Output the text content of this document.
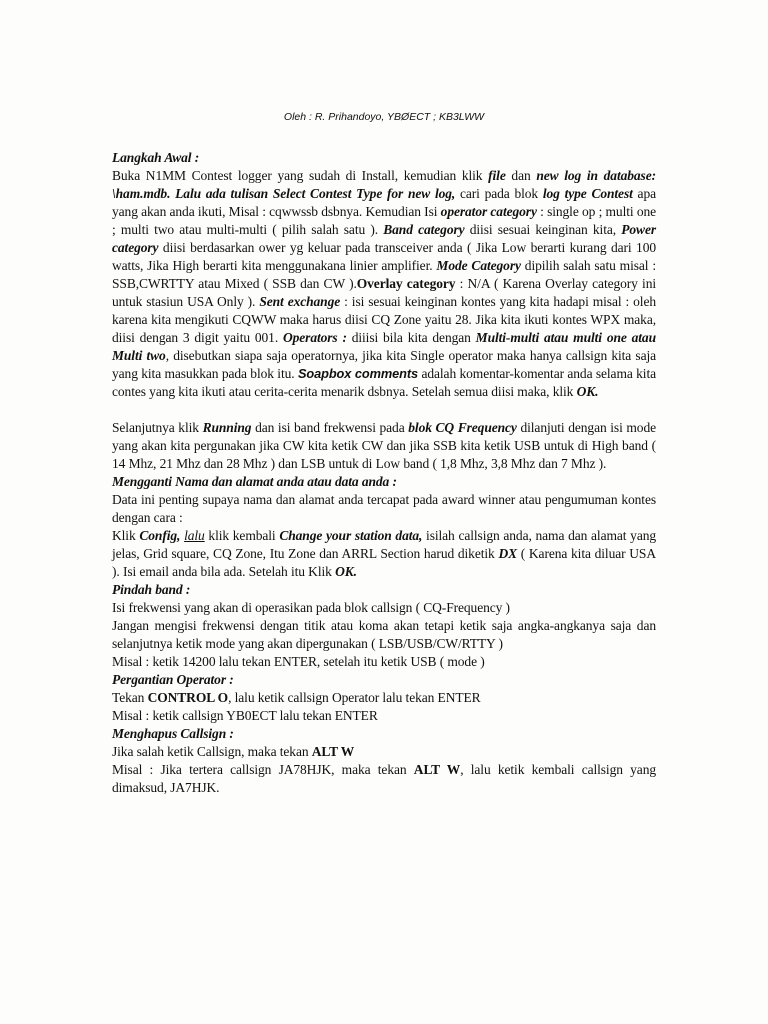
Oleh : R. Prihandoyo, YBØECT ; KB3LWW
Langkah Awal :

Buka N1MM Contest logger yang sudah di Install, kemudian klik file dan new log in database: \ham.mdb. Lalu ada tulisan Select Contest Type for new log, cari pada blok log type Contest apa yang akan anda ikuti, Misal : cqwwssb dsbnya. Kemudian Isi operator category : single op ; multi one ; multi two atau multi-multi ( pilih salah satu ). Band category diisi sesuai keinginan kita, Power category diisi berdasarkan ower yg keluar pada transceiver anda ( Jika Low berarti kurang dari 100 watts, Jika High berarti kita menggunakana linier amplifier. Mode Category dipilih salah satu misal : SSB,CWRTTY atau Mixed ( SSB dan CW ).Overlay category : N/A ( Karena Overlay category ini untuk stasiun USA Only ). Sent exchange : isi sesuai keinginan kontes yang kita hadapi misal : oleh karena kita mengikuti CQWW maka harus diisi CQ Zone yaitu 28. Jika kita ikuti kontes WPX maka, diisi dengan 3 digit yaitu 001. Operators : diiisi bila kita dengan Multi-multi atau multi one atau Multi two, disebutkan siapa saja operatornya, jika kita Single operator maka hanya callsign kita saja yang kita masukkan pada blok itu. Soapbox comments adalah komentar-komentar anda selama kita contes yang kita ikuti atau cerita-cerita menarik dsbnya. Setelah semua diisi maka, klik OK.

Selanjutnya klik Running dan isi band frekwensi pada blok CQ Frequency dilanjuti dengan isi mode yang akan kita pergunakan jika CW kita ketik CW dan jika SSB kita ketik USB untuk di High band ( 14 Mhz, 21 Mhz dan 28 Mhz ) dan LSB untuk di Low band ( 1,8 Mhz, 3,8 Mhz dan 7 Mhz ).

Mengganti Nama dan alamat anda atau data anda :

Data ini penting supaya nama dan alamat anda tercapat pada award winner atau pengumuman kontes dengan cara :

Klik Config, lalu klik kembali Change your station data, isilah callsign anda, nama dan alamat yang jelas, Grid square, CQ Zone, Itu Zone dan ARRL Section harud diketik DX ( Karena kita diluar USA ). Isi email anda bila ada. Setelah itu Klik OK.

Pindah band :

Isi frekwensi yang akan di operasikan pada blok callsign ( CQ-Frequency )

Jangan mengisi frekwensi dengan titik atau koma akan tetapi ketik saja angka-angkanya saja dan selanjutnya ketik mode yang akan dipergunakan ( LSB/USB/CW/RTTY )

Misal : ketik 14200 lalu tekan ENTER, setelah itu ketik USB ( mode )

Pergantian Operator :

Tekan CONTROL O, lalu ketik callsign Operator lalu tekan ENTER

Misal : ketik callsign YB0ECT lalu tekan ENTER

Menghapus Callsign :

Jika salah ketik Callsign, maka tekan ALT W

Misal : Jika tertera callsign JA78HJK, maka tekan ALT W, lalu ketik kembali callsign yang dimaksud, JA7HJK.
